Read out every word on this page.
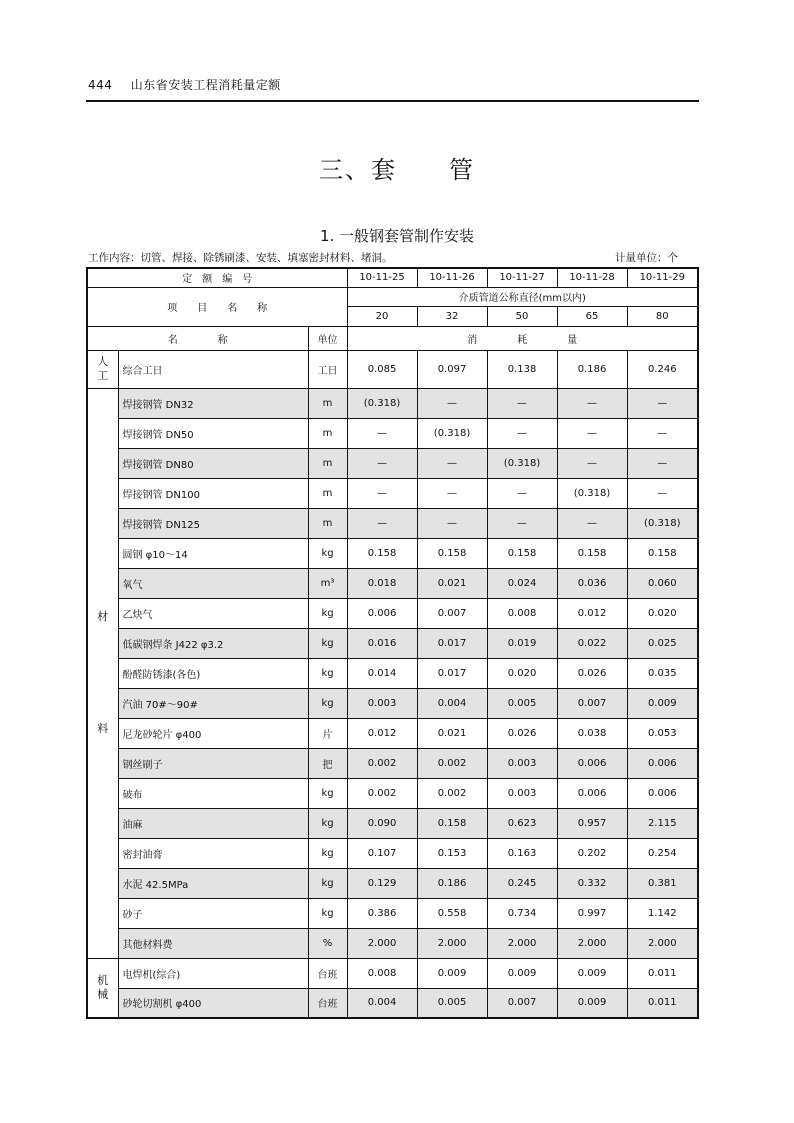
444 山东省安装工程消耗量定额
三、套　　管
1. 一般钢套管制作安装
工作内容：切管、焊接、除锈刷漆、安装、填塞密封材料、堵洞。	计量单位：个
定　额　编　号			10-11-25	10-11-26	10-11-27	10-11-28	10-11-29
项　　目　　名　　称			介质管道公称直径(mm以内)				
			20	32	50	65	80
名　　　　称		单位	消　　　　耗　　　　量				
人
工	综合工日	工日	0.085	0.097	0.138	0.186	0.246
材

料	焊接钢管 DN32	m	(0.318)	—	—	—	—
	焊接钢管 DN50	m	—	(0.318)	—	—	—
	焊接钢管 DN80	m	—	—	(0.318)	—	—
	焊接钢管 DN100	m	—	—	—	(0.318)	—
	焊接钢管 DN125	m	—	—	—	—	(0.318)
	圆钢 φ10～14	kg	0.158	0.158	0.158	0.158	0.158
	氧气	m³	0.018	0.021	0.024	0.036	0.060
	乙炔气	kg	0.006	0.007	0.008	0.012	0.020
	低碳钢焊条 J422 φ3.2	kg	0.016	0.017	0.019	0.022	0.025
	酚醛防锈漆(各色)	kg	0.014	0.017	0.020	0.026	0.035
	汽油 70#～90#	kg	0.003	0.004	0.005	0.007	0.009
	尼龙砂轮片 φ400	片	0.012	0.021	0.026	0.038	0.053
	钢丝刷子	把	0.002	0.002	0.003	0.006	0.006
	破布	kg	0.002	0.002	0.003	0.006	0.006
	油麻	kg	0.090	0.158	0.623	0.957	2.115
	密封油膏	kg	0.107	0.153	0.163	0.202	0.254
	水泥 42.5MPa	kg	0.129	0.186	0.245	0.332	0.381
	砂子	kg	0.386	0.558	0.734	0.997	1.142
	其他材料费	%	2.000	2.000	2.000	2.000	2.000
机
械	电焊机(综合)	台班	0.008	0.009	0.009	0.009	0.011
	砂轮切割机 φ400	台班	0.004	0.005	0.007	0.009	0.011
